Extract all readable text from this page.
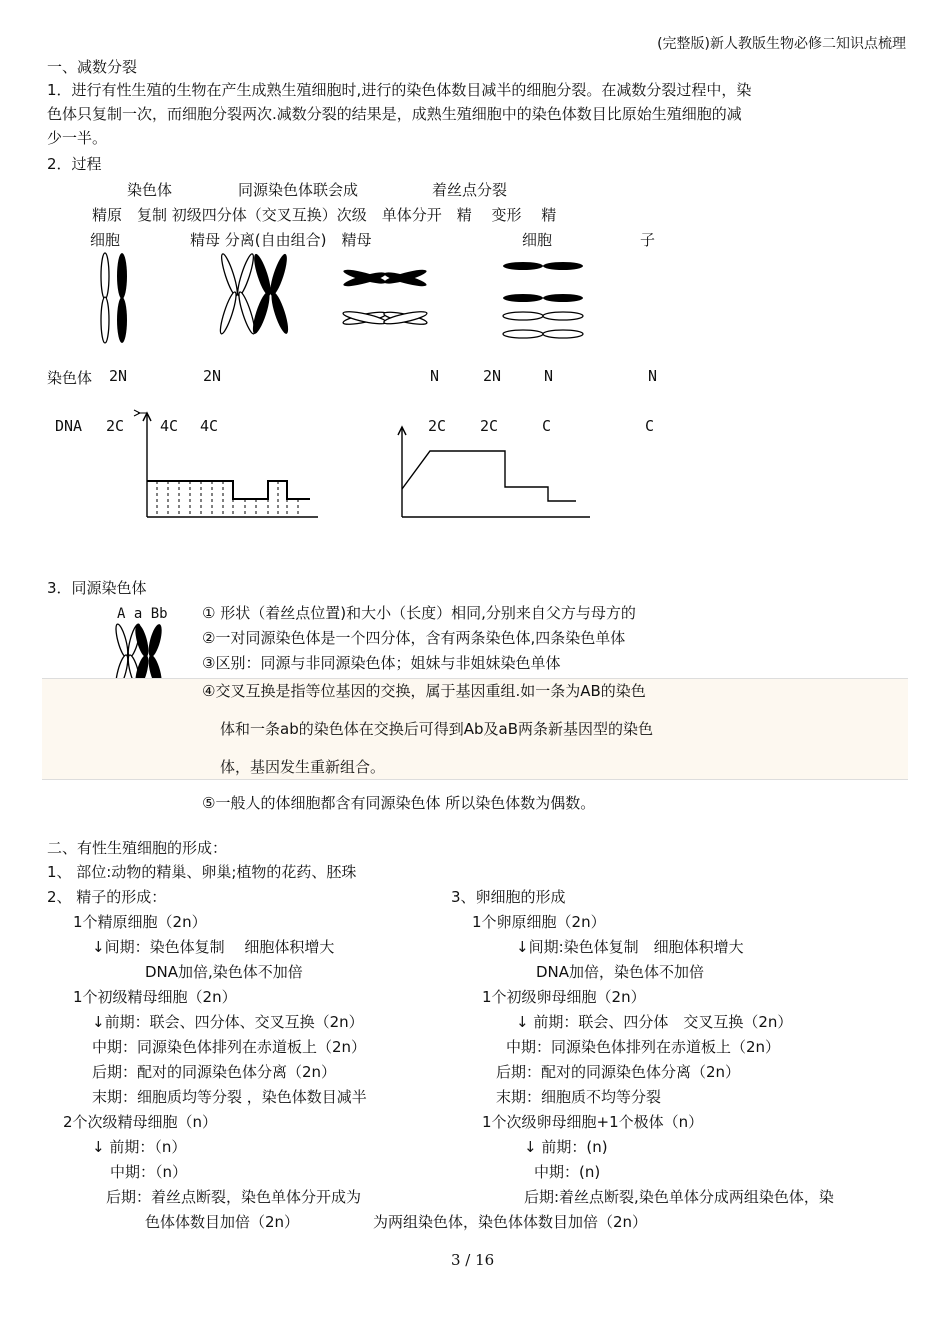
(完整版)新人教版生物必修二知识点梳理
一、减数分裂
1．进行有性生殖的生物在产生成熟生殖细胞时,进行的染色体数目减半的细胞分裂。在减数分裂过程中，染
色体只复制一次，而细胞分裂两次.减数分裂的结果是，成熟生殖细胞中的染色体数目比原始生殖细胞的减
少一半。
2．过程
染色体	同源染色体联会成	着丝点分裂
精原　复制 初级四分体（交叉互换）次级　单体分开　精　 变形　 精
细胞	精母 分离(自由组合)　精母	细胞	子
染色体 2N	2N	N	2N	N	N
DNA 2C 4C 4C	2C 2C	C	C
3．同源染色体
A a Bb ① 形状（着丝点位置)和大小（长度）相同,分别来自父方与母方的
②一对同源染色体是一个四分体，含有两条染色体,四条染色单体
③区别：同源与非同源染色体；姐妹与非姐妹染色单体
④交叉互换是指等位基因的交换，属于基因重组.如一条为AB的染色
体和一条ab的染色体在交换后可得到Ab及aB两条新基因型的染色
体，基因发生重新组合。
⑤一般人的体细胞都含有同源染色体 所以染色体数为偶数。
二、有性生殖细胞的形成：
1、 部位:动物的精巢、卵巢;植物的花药、胚珠
2、 精子的形成：
1个精原细胞（2n）
↓间期：染色体复制　 细胞体积增大
DNA加倍,染色体不加倍
1个初级精母细胞（2n）
↓前期：联会、四分体、交叉互换（2n）
中期：同源染色体排列在赤道板上（2n）
后期：配对的同源染色体分离（2n）
末期：细胞质均等分裂 ，染色体数目减半
2个次级精母细胞（n）
↓ 前期：（n）
中期：（n）
后期：着丝点断裂，染色单体分开成为
色体体数目加倍（2n）
3、卵细胞的形成
1个卵原细胞（2n）
↓间期:染色体复制　细胞体积增大
DNA加倍，染色体不加倍
1个初级卵母细胞（2n）
↓ 前期：联会、四分体　交叉互换（2n）
中期：同源染色体排列在赤道板上（2n）
后期：配对的同源染色体分离（2n）
末期：细胞质不均等分裂
1个次级卵母细胞+1个极体（n）
↓ 前期：(n)
中期：(n)
后期:着丝点断裂,染色单体分成两组染色体，染
为两组染色体，染色体体数目加倍（2n）
3 / 16
